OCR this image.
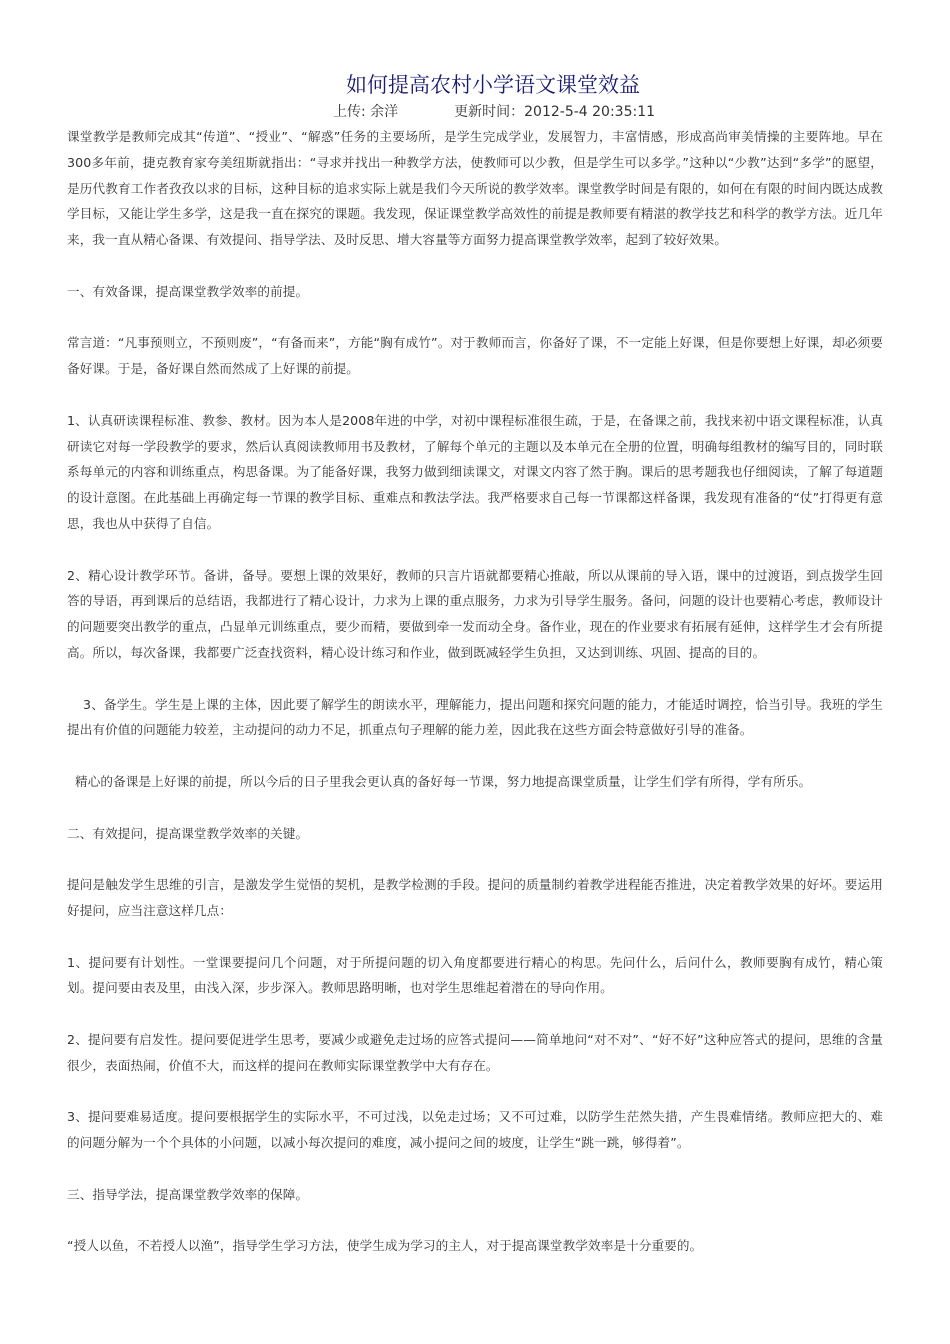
如何提高农村小学语文课堂效益
上传: 余洋	更新时间：2012-5-4 20:35:11

课堂教学是教师完成其“传道”、“授业”、“解惑”任务的主要场所，是学生完成学业，发展智力，丰富情感，形成高尚审美情操的主要阵地。早在300多年前，捷克教育家夸美纽斯就指出：“寻求并找出一种教学方法，使教师可以少教，但是学生可以多学。”这种以“少教”达到“多学”的愿望，是历代教育工作者孜孜以求的目标，这种目标的追求实际上就是我们今天所说的教学效率。课堂教学时间是有限的，如何在有限的时间内既达成教学目标，又能让学生多学，这是我一直在探究的课题。我发现，保证课堂教学高效性的前提是教师要有精湛的教学技艺和科学的教学方法。近几年来，我一直从精心备课、有效提问、指导学法、及时反思、增大容量等方面努力提高课堂教学效率，起到了较好效果。

一、有效备课，提高课堂教学效率的前提。

常言道：“凡事预则立，不预则废”，“有备而来”，方能“胸有成竹”。对于教师而言，你备好了课，不一定能上好课，但是你要想上好课，却必须要备好课。于是，备好课自然而然成了上好课的前提。

1、认真研读课程标准、教参、教材。因为本人是2008年进的中学，对初中课程标准很生疏，于是，在备课之前，我找来初中语文课程标准，认真研读它对每一学段教学的要求，然后认真阅读教师用书及教材，了解每个单元的主题以及本单元在全册的位置，明确每组教材的编写目的，同时联系每单元的内容和训练重点，构思备课。为了能备好课，我努力做到细读课文，对课文内容了然于胸。课后的思考题我也仔细阅读，了解了每道题的设计意图。在此基础上再确定每一节课的教学目标、重难点和教法学法。我严格要求自己每一节课都这样备课，我发现有准备的“仗”打得更有意思，我也从中获得了自信。

2、精心设计教学环节。备讲，备导。要想上课的效果好，教师的只言片语就都要精心推敲，所以从课前的导入语，课中的过渡语，到点拨学生回答的导语，再到课后的总结语，我都进行了精心设计，力求为上课的重点服务，力求为引导学生服务。备问，问题的设计也要精心考虑，教师设计的问题要突出教学的重点，凸显单元训练重点，要少而精，要做到牵一发而动全身。备作业，现在的作业要求有拓展有延伸，这样学生才会有所提高。所以，每次备课，我都要广泛查找资料，精心设计练习和作业，做到既减轻学生负担，又达到训练、巩固、提高的目的。

3、备学生。学生是上课的主体，因此要了解学生的朗读水平，理解能力，提出问题和探究问题的能力，才能适时调控，恰当引导。我班的学生提出有价值的问题能力较差，主动提问的动力不足，抓重点句子理解的能力差，因此我在这些方面会特意做好引导的准备。

精心的备课是上好课的前提，所以今后的日子里我会更认真的备好每一节课，努力地提高课堂质量，让学生们学有所得，学有所乐。

二、有效提问，提高课堂教学效率的关键。

提问是触发学生思维的引言，是激发学生觉悟的契机，是教学检测的手段。提问的质量制约着教学进程能否推进，决定着教学效果的好坏。要运用好提问，应当注意这样几点：

1、提问要有计划性。一堂课要提问几个问题，对于所提问题的切入角度都要进行精心的构思。先问什么，后问什么，教师要胸有成竹，精心策划。提问要由表及里，由浅入深，步步深入。教师思路明晰，也对学生思维起着潜在的导向作用。

2、提问要有启发性。提问要促进学生思考，要减少或避免走过场的应答式提问——简单地问“对不对”、“好不好”这种应答式的提问，思维的含量很少，表面热闹，价值不大，而这样的提问在教师实际课堂教学中大有存在。

3、提问要难易适度。提问要根据学生的实际水平，不可过浅，以免走过场；又不可过难，以防学生茫然失措，产生畏难情绪。教师应把大的、难的问题分解为一个个具体的小问题，以减小每次提问的难度，减小提问之间的坡度，让学生“跳一跳，够得着”。

三、指导学法，提高课堂教学效率的保障。

“授人以鱼，不若授人以渔”，指导学生学习方法，使学生成为学习的主人，对于提高课堂教学效率是十分重要的。
